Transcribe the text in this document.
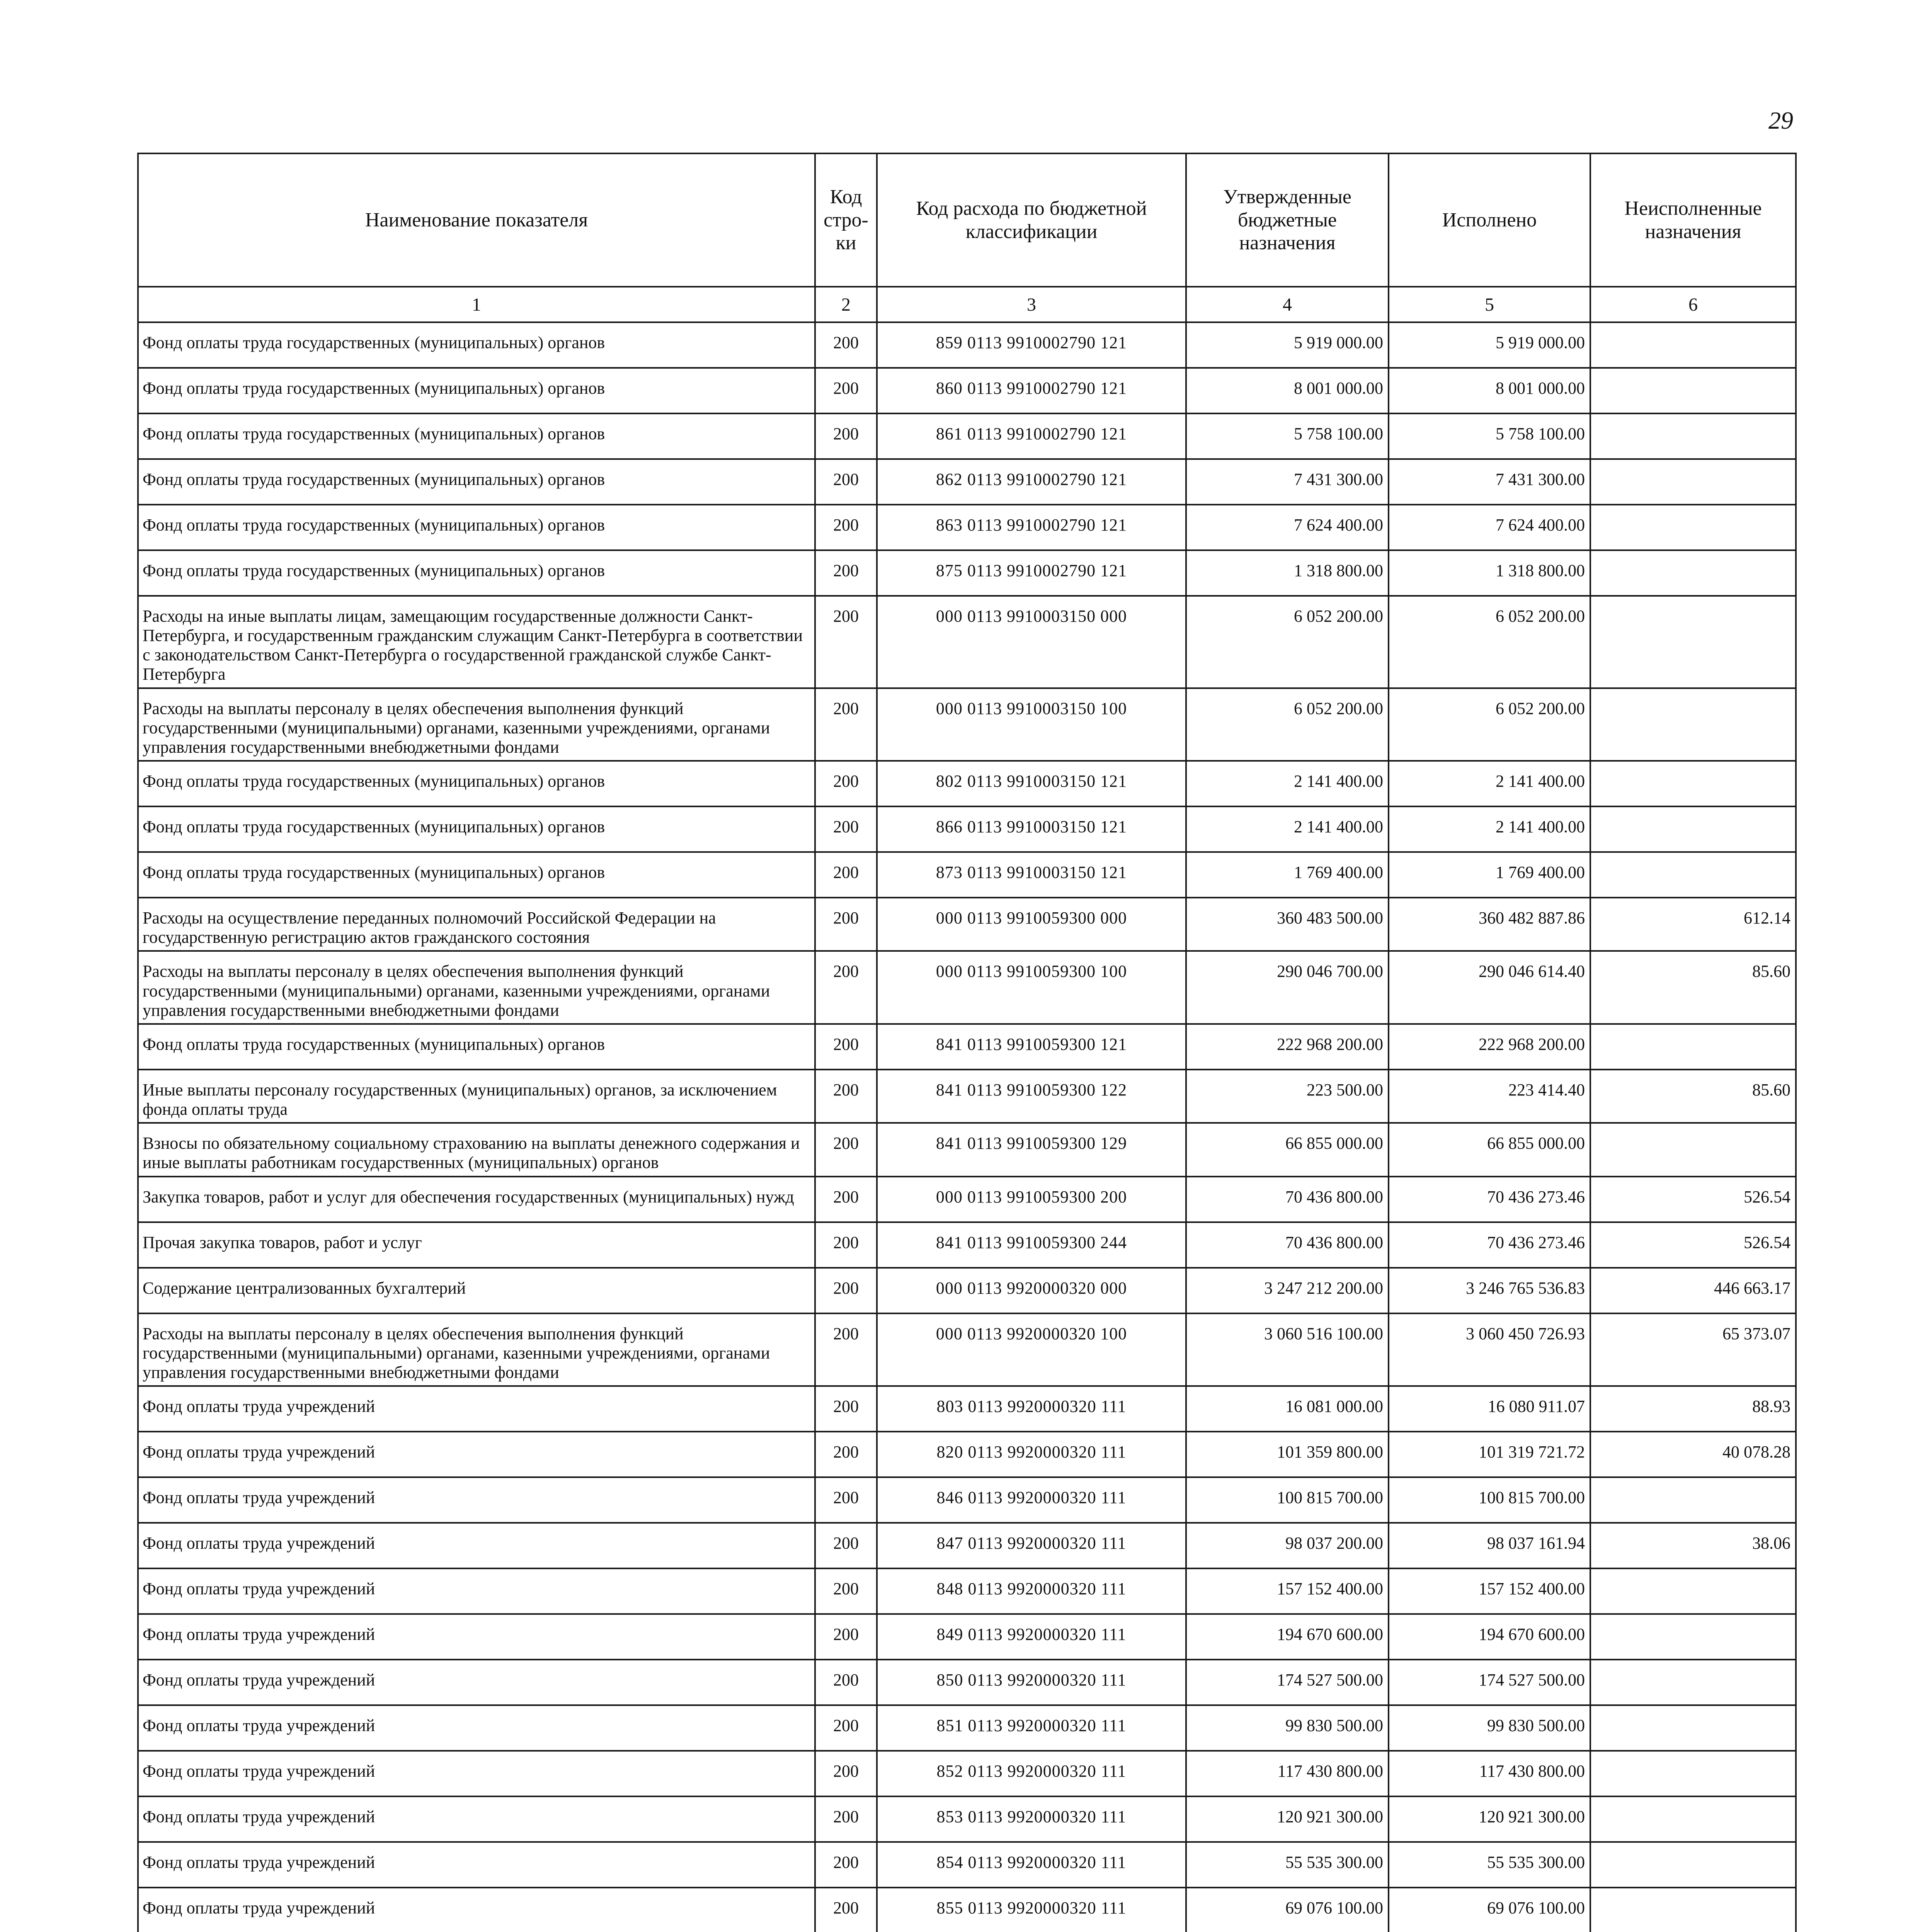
29
Наименование показателя	Код стро-ки	Код расхода по бюджетной классификации	Утвержденные бюджетные назначения	Исполнено	Неисполненные назначения
1	2	3	4	5	6
Фонд оплаты труда государственных (муниципальных) органов	200	859 0113 9910002790 121	5 919 000.00	5 919 000.00	
Фонд оплаты труда государственных (муниципальных) органов	200	860 0113 9910002790 121	8 001 000.00	8 001 000.00	
Фонд оплаты труда государственных (муниципальных) органов	200	861 0113 9910002790 121	5 758 100.00	5 758 100.00	
Фонд оплаты труда государственных (муниципальных) органов	200	862 0113 9910002790 121	7 431 300.00	7 431 300.00	
Фонд оплаты труда государственных (муниципальных) органов	200	863 0113 9910002790 121	7 624 400.00	7 624 400.00	
Фонд оплаты труда государственных (муниципальных) органов	200	875 0113 9910002790 121	1 318 800.00	1 318 800.00	
Расходы на иные выплаты лицам, замещающим государственные должности Санкт-Петербурга, и государственным гражданским служащим Санкт-Петербурга в соответствии с законодательством Санкт-Петербурга о государственной гражданской службе Санкт-Петербурга	200	000 0113 9910003150 000	6 052 200.00	6 052 200.00	
Расходы на выплаты персоналу в целях обеспечения выполнения функций государственными (муниципальными) органами, казенными учреждениями, органами управления государственными внебюджетными фондами	200	000 0113 9910003150 100	6 052 200.00	6 052 200.00	
Фонд оплаты труда государственных (муниципальных) органов	200	802 0113 9910003150 121	2 141 400.00	2 141 400.00	
Фонд оплаты труда государственных (муниципальных) органов	200	866 0113 9910003150 121	2 141 400.00	2 141 400.00	
Фонд оплаты труда государственных (муниципальных) органов	200	873 0113 9910003150 121	1 769 400.00	1 769 400.00	
Расходы на осуществление переданных полномочий Российской Федерации на государственную регистрацию актов гражданского состояния	200	000 0113 9910059300 000	360 483 500.00	360 482 887.86	612.14
Расходы на выплаты персоналу в целях обеспечения выполнения функций государственными (муниципальными) органами, казенными учреждениями, органами управления государственными внебюджетными фондами	200	000 0113 9910059300 100	290 046 700.00	290 046 614.40	85.60
Фонд оплаты труда государственных (муниципальных) органов	200	841 0113 9910059300 121	222 968 200.00	222 968 200.00	
Иные выплаты персоналу государственных (муниципальных) органов, за исключением фонда оплаты труда	200	841 0113 9910059300 122	223 500.00	223 414.40	85.60
Взносы по обязательному социальному страхованию на выплаты денежного содержания и иные выплаты работникам государственных (муниципальных) органов	200	841 0113 9910059300 129	66 855 000.00	66 855 000.00	
Закупка товаров, работ и услуг для обеспечения государственных (муниципальных) нужд	200	000 0113 9910059300 200	70 436 800.00	70 436 273.46	526.54
Прочая закупка товаров, работ и услуг	200	841 0113 9910059300 244	70 436 800.00	70 436 273.46	526.54
Содержание централизованных бухгалтерий	200	000 0113 9920000320 000	3 247 212 200.00	3 246 765 536.83	446 663.17
Расходы на выплаты персоналу в целях обеспечения выполнения функций государственными (муниципальными) органами, казенными учреждениями, органами управления государственными внебюджетными фондами	200	000 0113 9920000320 100	3 060 516 100.00	3 060 450 726.93	65 373.07
Фонд оплаты труда учреждений	200	803 0113 9920000320 111	16 081 000.00	16 080 911.07	88.93
Фонд оплаты труда учреждений	200	820 0113 9920000320 111	101 359 800.00	101 319 721.72	40 078.28
Фонд оплаты труда учреждений	200	846 0113 9920000320 111	100 815 700.00	100 815 700.00	
Фонд оплаты труда учреждений	200	847 0113 9920000320 111	98 037 200.00	98 037 161.94	38.06
Фонд оплаты труда учреждений	200	848 0113 9920000320 111	157 152 400.00	157 152 400.00	
Фонд оплаты труда учреждений	200	849 0113 9920000320 111	194 670 600.00	194 670 600.00	
Фонд оплаты труда учреждений	200	850 0113 9920000320 111	174 527 500.00	174 527 500.00	
Фонд оплаты труда учреждений	200	851 0113 9920000320 111	99 830 500.00	99 830 500.00	
Фонд оплаты труда учреждений	200	852 0113 9920000320 111	117 430 800.00	117 430 800.00	
Фонд оплаты труда учреждений	200	853 0113 9920000320 111	120 921 300.00	120 921 300.00	
Фонд оплаты труда учреждений	200	854 0113 9920000320 111	55 535 300.00	55 535 300.00	
Фонд оплаты труда учреждений	200	855 0113 9920000320 111	69 076 100.00	69 076 100.00	
